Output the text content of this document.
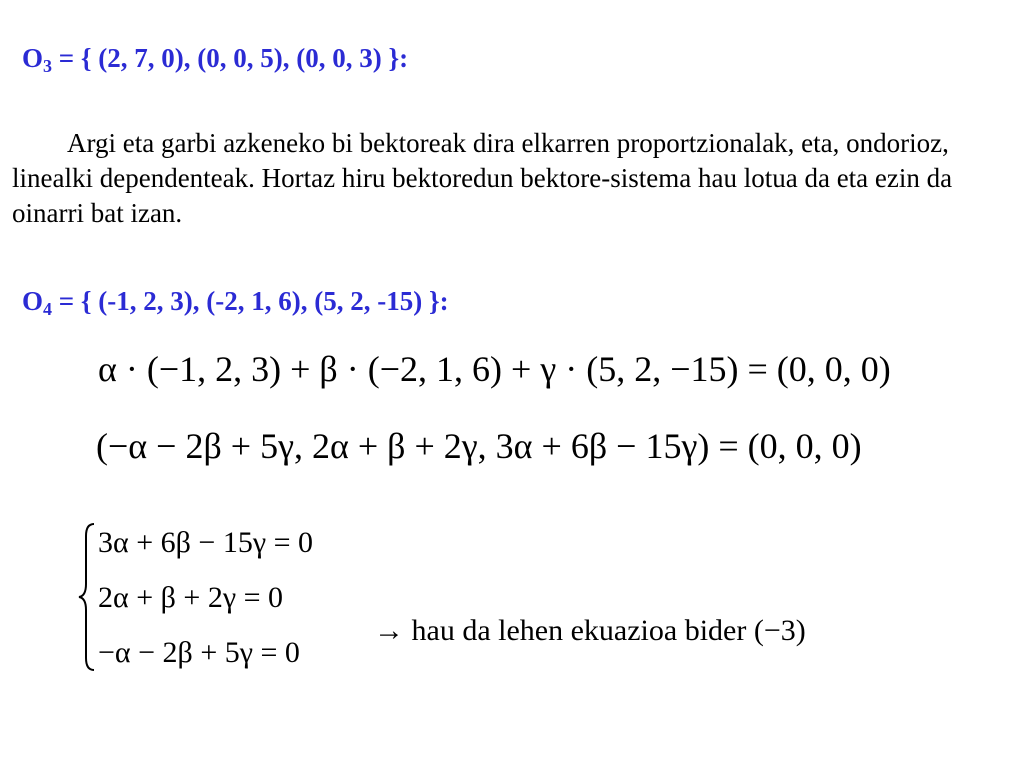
$O_3$ = { (2, 7, 0), (0, 0, 5), (0, 0, 3) }:
Argi eta garbi azkeneko bi bektoreak dira elkarren proportzionalak, eta, ondorioz, linealki dependenteak. Hortaz hiru bektoredun bektore-sistema hau lotua da eta ezin da oinarri bat izan.
$O_4$ = { (-1, 2, 3), (-2, 1, 6), (5, 2, -15) }:
α · (−1, 2, 3) + β · (−2, 1, 6) + γ · (5, 2, −15) = (0, 0, 0)
(−α − 2β + 5γ, 2α + β + 2γ, 3α + 6β − 15γ) = (0, 0, 0)
3α + 6β − 15γ = 0
2α + β + 2γ = 0
−α − 2β + 5γ = 0
→ hau da lehen ekuazioa bider (−3)
